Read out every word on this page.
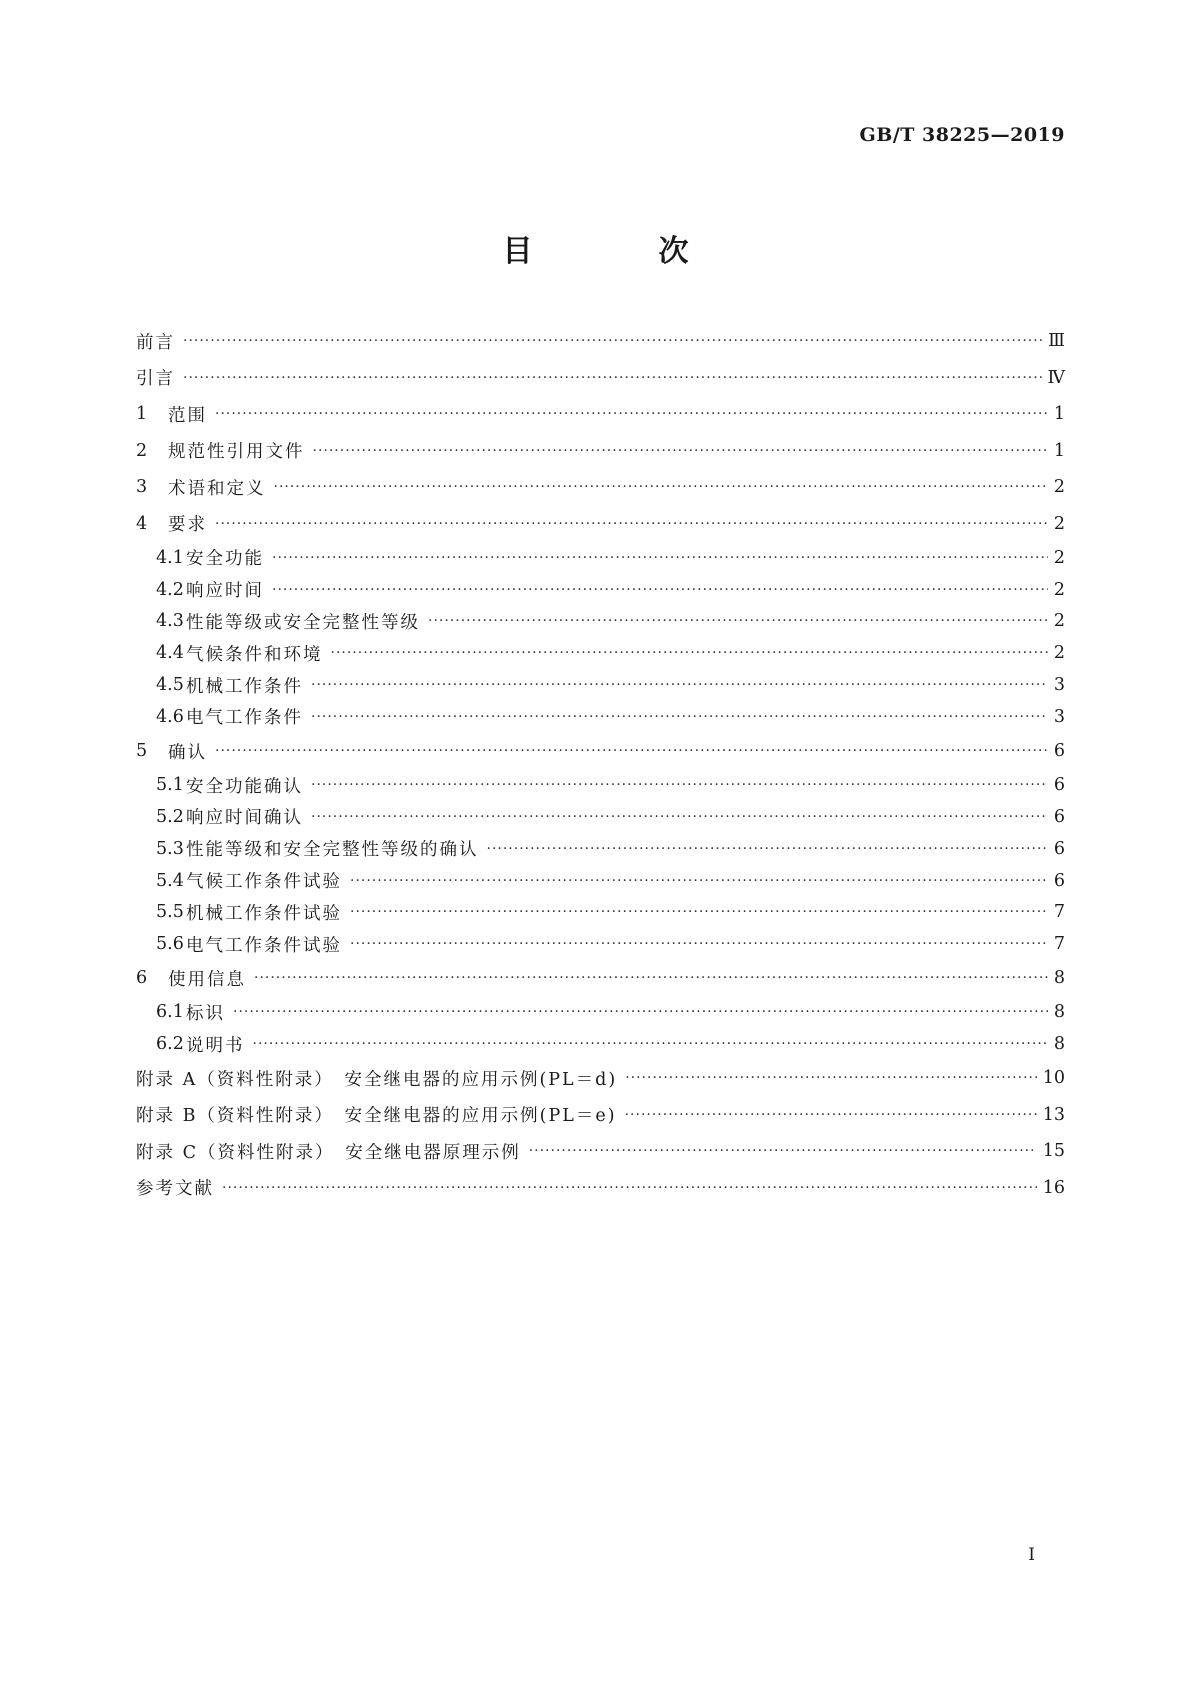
GB/T 38225—2019
目　次
前言 ·····	Ⅲ
引言 ·····	Ⅳ
1	范围 ·····	1
2	规范性引用文件 ·····	1
3	术语和定义 ·····	2
4	要求 ·····	2
4.1 安全功能 ·····	2
4.2 响应时间 ·····	2
4.3 性能等级或安全完整性等级 ·····	2
4.4 气候条件和环境 ·····	2
4.5 机械工作条件 ·····	3
4.6 电气工作条件 ·····	3
5	确认 ·····	6
5.1 安全功能确认 ·····	6
5.2 响应时间确认 ·····	6
5.3 性能等级和安全完整性等级的确认 ·····	6
5.4 气候工作条件试验 ·····	6
5.5 机械工作条件试验 ·····	7
5.6 电气工作条件试验 ·····	7
6	使用信息 ·····	8
6.1 标识 ·····	8
6.2 说明书 ·····	8
附录 A（资料性附录）　安全继电器的应用示例(PL＝d) ·····	10
附录 B（资料性附录）　安全继电器的应用示例(PL＝e) ·····	13
附录 C（资料性附录）　安全继电器原理示例 ·····	15
参考文献 ·····	16
I
